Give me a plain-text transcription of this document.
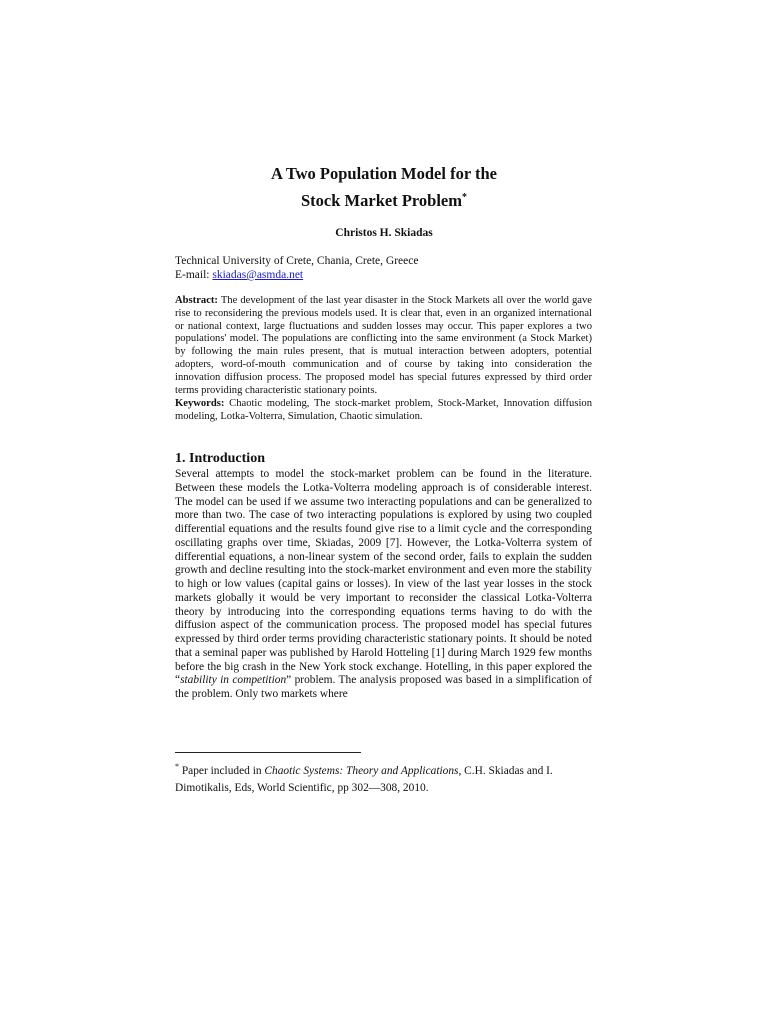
A Two Population Model for the
Stock Market Problem*
Christos H. Skiadas
Technical University of Crete, Chania, Crete, Greece
E-mail: skiadas@asmda.net

Abstract: The development of the last year disaster in the Stock Markets all over the world gave rise to reconsidering the previous models used. It is clear that, even in an organized international or national context, large fluctuations and sudden losses may occur. This paper explores a two populations' model. The populations are conflicting into the same environment (a Stock Market) by following the main rules present, that is mutual interaction between adopters, potential adopters, word-of-mouth communication and of course by taking into consideration the innovation diffusion process. The proposed model has special futures expressed by third order terms providing characteristic stationary points.

Keywords: Chaotic modeling, The stock-market problem, Stock-Market, Innovation diffusion modeling, Lotka-Volterra, Simulation, Chaotic simulation.

1. Introduction

Several attempts to model the stock-market problem can be found in the literature. Between these models the Lotka-Volterra modeling approach is of considerable interest. The model can be used if we assume two interacting populations and can be generalized to more than two. The case of two interacting populations is explored by using two coupled differential equations and the results found give rise to a limit cycle and the corresponding oscillating graphs over time, Skiadas, 2009 [7]. However, the Lotka-Volterra system of differential equations, a non-linear system of the second order, fails to explain the sudden growth and decline resulting into the stock-market environment and even more the stability to high or low values (capital gains or losses). In view of the last year losses in the stock markets globally it would be very important to reconsider the classical Lotka-Volterra theory by introducing into the corresponding equations terms having to do with the diffusion aspect of the communication process. The proposed model has special futures expressed by third order terms providing characteristic stationary points. It should be noted that a seminal paper was published by Harold Hotteling [1] during March 1929 few months before the big crash in the New York stock exchange. Hotelling, in this paper explored the “stability in competition” problem. The analysis proposed was based in a simplification of the problem. Only two markets where

* Paper included in Chaotic Systems: Theory and Applications, C.H. Skiadas and I. Dimotikalis, Eds, World Scientific, pp 302—308, 2010.
